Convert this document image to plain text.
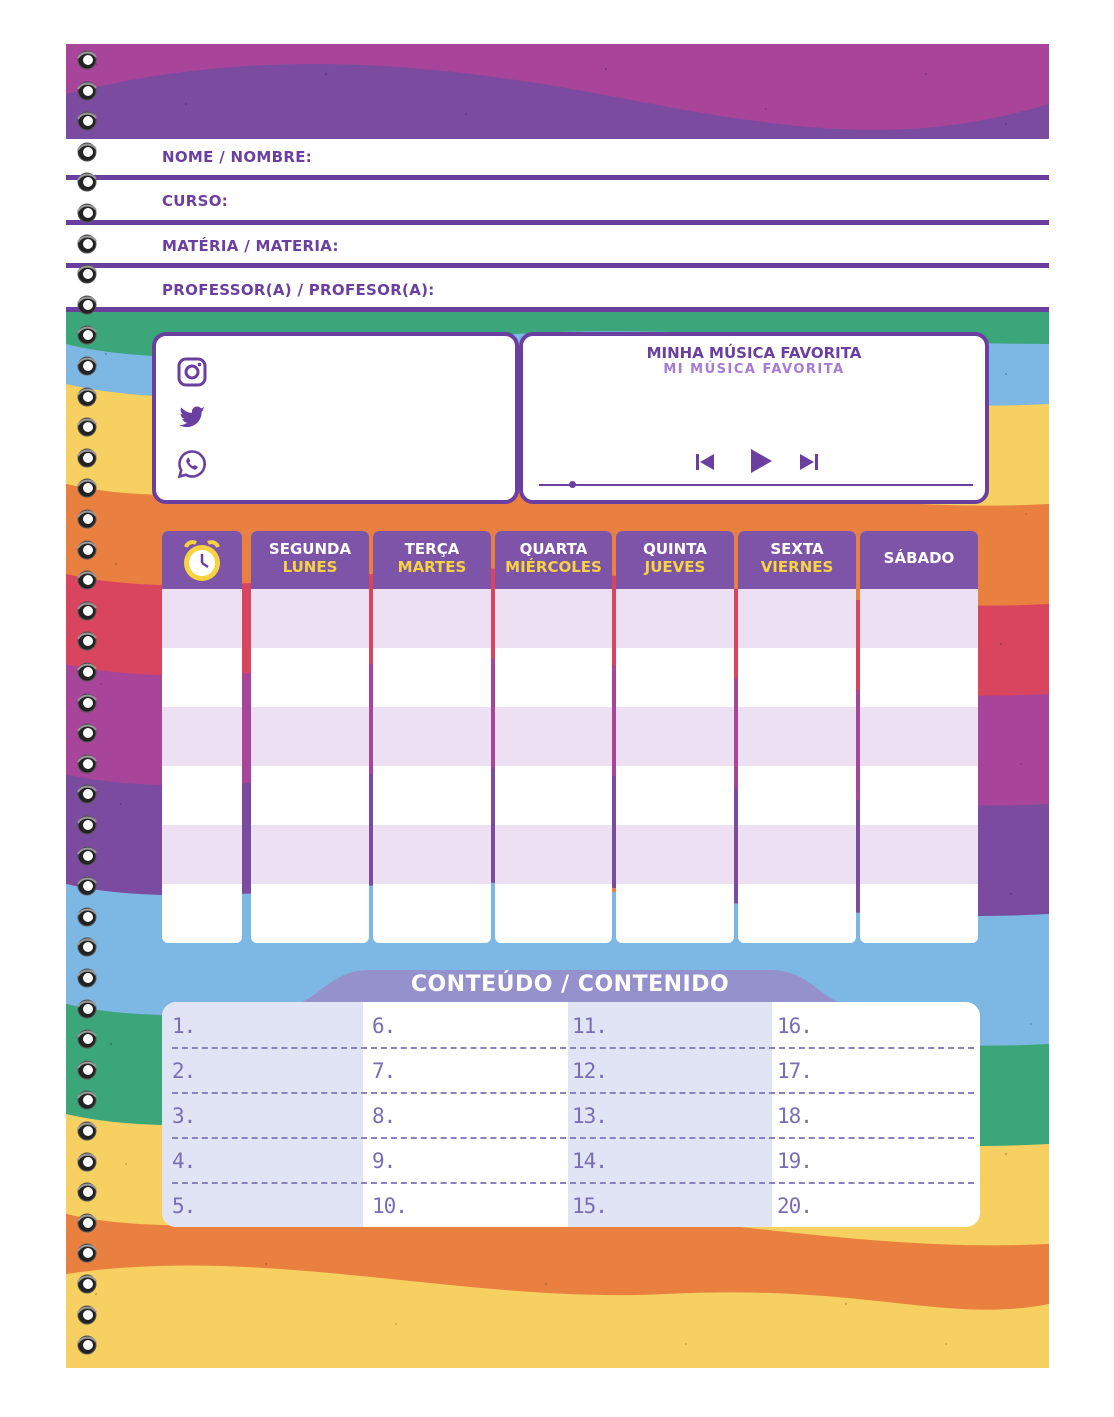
NOME / NOMBRE:
CURSO:
MATÉRIA / MATERIA:
PROFESSOR(A) / PROFESOR(A):
MINHA MÚSICA FAVORITA
MI MÚSICA FAVORITA
SEGUNDA
LUNES
TERÇA
MARTES
QUARTA
MIÉRCOLES
QUINTA
JUEVES
SEXTA
VIERNES	SÁBADO
CONTEÚDO / CONTENIDO
1.
2.
3.
4.
5.
6.
7.
8.
9.
10.
11.
12.
13.
14.
15.
16.
17.
18.
19.
20.
